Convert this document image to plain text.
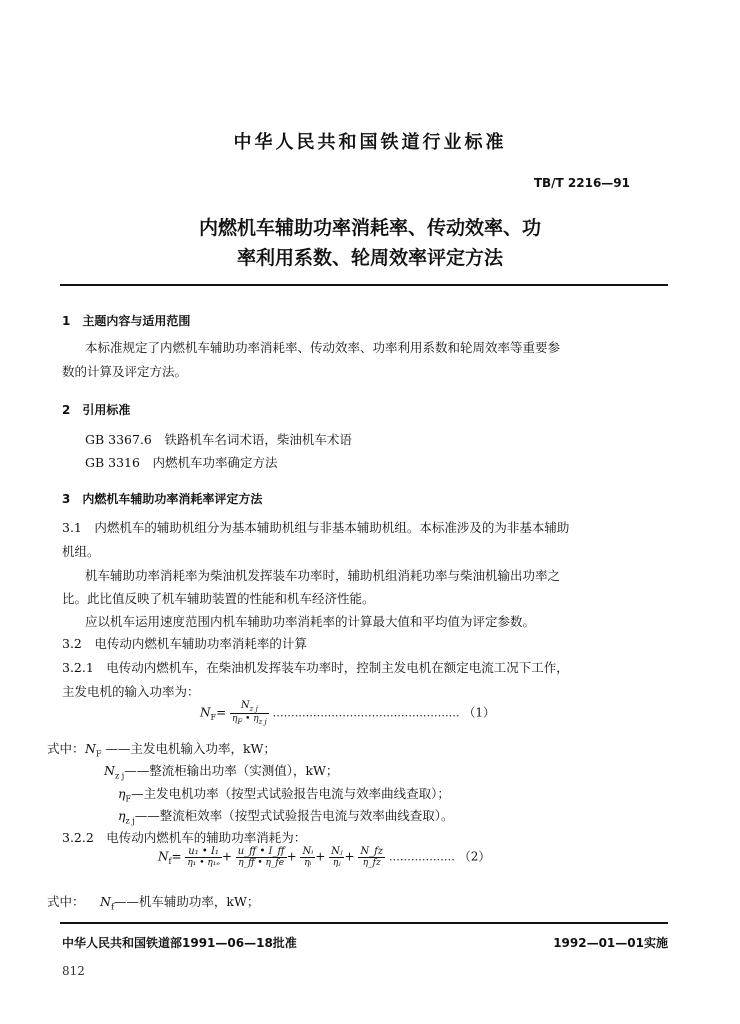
中华人民共和国铁道行业标准
TB/T 2216—91
内燃机车辅助功率消耗率、传动效率、功
率利用系数、轮周效率评定方法
1　主题内容与适用范围
本标准规定了内燃机车辅助功率消耗率、传动效率、功率利用系数和轮周效率等重要参
数的计算及评定方法。
2　引用标准
GB 3367.6　铁路机车名词术语，柴油机车术语
GB 3316　内燃机车功率确定方法
3　内燃机车辅助功率消耗率评定方法
3.1　内燃机车的辅助机组分为基本辅助机组与非基本辅助机组。本标准涉及的为非基本辅助
机组。
机车辅助功率消耗率为柴油机发挥装车功率时，辅助机组消耗功率与柴油机输出功率之
比。此比值反映了机车辅助装置的性能和机车经济性能。
应以机车运用速度范围内机车辅助功率消耗率的计算最大值和平均值为评定参数。
3.2　电传动内燃机车辅助功率消耗率的计算
3.2.1　电传动内燃机车，在柴油机发挥装车功率时，控制主发电机在额定电流工况下工作，
主发电机的输入功率为：
$N_F= \frac{N_{z j}}{\eta_F • \eta_{z j}}$ …………………………………………… （1）
式中： $N_F$ ——主发电机输入功率，kW；
$N_{z j}——$整流柜输出功率（实测值），kW；
$\eta_F—$主发电机功率（按型式试验报告电流与效率曲线查取）；
$\eta_{z j}——$整流柜效率（按型式试验报告电流与效率曲线查取）。
3.2.2　电传动内燃机车的辅助功率消耗为：
$N_f= \frac{\text{u₁ • I₁}}{\text{η₁ • η₁ₑ}} + \frac{u\_ff • I\_ff}{\eta\_ff • \eta\_fe} + \frac{\text{Nᵢ}}{\text{ηᵢ}} + \frac{\text{Nⱼ}}{\text{ηⱼ}} + \frac{N\_fz}{\eta\_fz}$ ……………… （2）
式中： $N_f——$机车辅助功率，kW；
中华人民共和国铁道部1991—06—18批准	1992—01—01实施
812
